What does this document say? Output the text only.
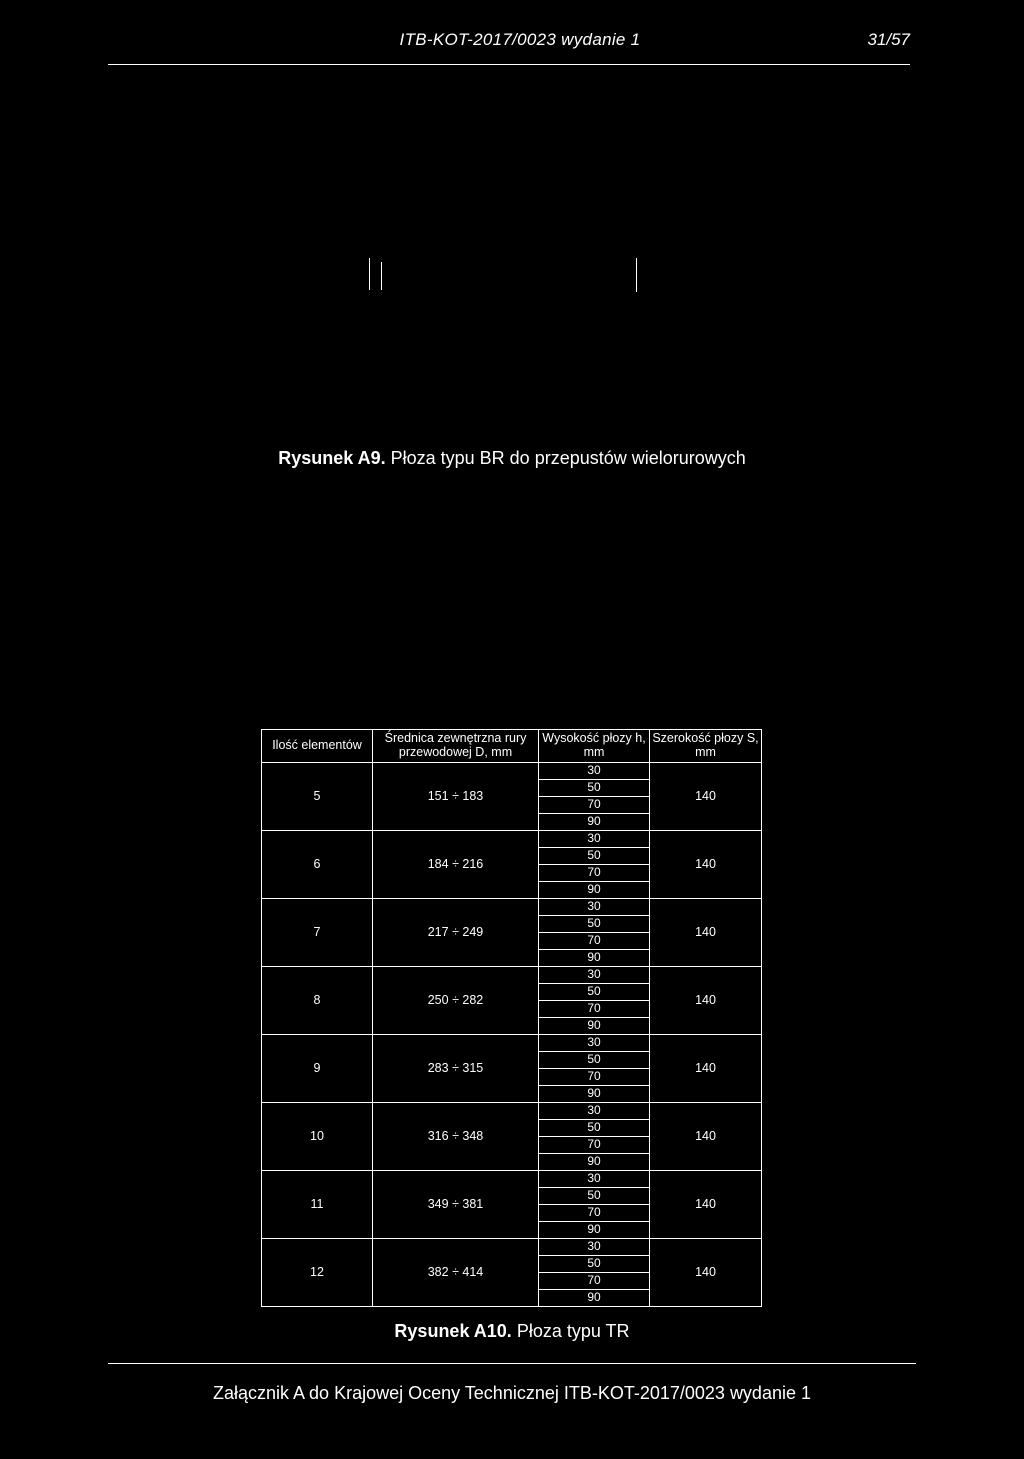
ITB-KOT-2017/0023 wydanie 1	31/57
Rysunek A9. Płoza typu BR do przepustów wielorurowych
Ilość elementów	Średnica zewnętrzna rury przewodowej D, mm	Wysokość płozy h, mm	Szerokość płozy S, mm
5	151 ÷ 183	30	140
		50	
		70	
		90	
6	184 ÷ 216	30	140
		50	
		70	
		90	
7	217 ÷ 249	30	140
		50	
		70	
		90	
8	250 ÷ 282	30	140
		50	
		70	
		90	
9	283 ÷ 315	30	140
		50	
		70	
		90	
10	316 ÷ 348	30	140
		50	
		70	
		90	
11	349 ÷ 381	30	140
		50	
		70	
		90	
12	382 ÷ 414	30	140
		50	
		70	
		90	
Rysunek A10. Płoza typu TR
Załącznik A do Krajowej Oceny Technicznej ITB-KOT-2017/0023 wydanie 1
